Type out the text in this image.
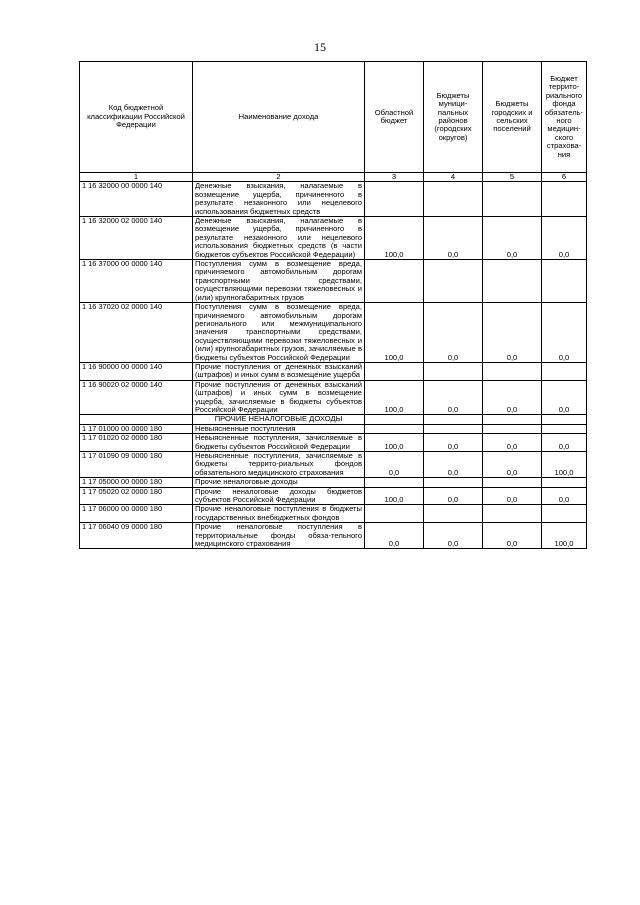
15
Код бюджетной классификации Российской Федерации	Наименование дохода	Областной бюджет	Бюджеты муници-пальных районов (городских округов)	Бюджеты городских и сельских поселений	Бюджет террито-риального фонда обязатель-ного медицин-ского страхова-ния
1	2	3	4	5	6
1 16 32000 00 0000 140	Денежные взыскания, налагаемые в возмещение ущерба, причиненного в результате незаконного или нецелевого использования бюджетных средств				
1 16 32000 02 0000 140	Денежные взыскания, налагаемые в возмещение ущерба, причиненного в результате незаконного или нецелевого использования бюджетных средств (в части бюджетов субъектов Российской Федерации)	100,0	0,0	0,0	0,0
1 16 37000 00 0000 140	Поступления сумм в возмещение вреда, причиняемого автомобильным дорогам транспортными средствами, осуществляющими перевозки тяжеловесных и (или) крупногабаритных грузов				
1 16 37020 02 0000 140	Поступления сумм в возмещение вреда, причиняемого автомобильным дорогам регионального или межмуниципального значения транспортными средствами, осуществляющими перевозки тяжеловесных и (или) крупногабаритных грузов, зачисляемые в бюджеты субъектов Российской Федерации	100,0	0,0	0,0	0,0
1 16 90000 00 0000 140	Прочие поступления от денежных взысканий (штрафов) и иных сумм в возмещение ущерба				
1 16 90020 02 0000 140	Прочие поступления от денежных взысканий (штрафов) и иных сумм в возмещение ущерба, зачисляемые в бюджеты субъектов Российской Федерации	100,0	0,0	0,0	0,0
	ПРОЧИЕ НЕНАЛОГОВЫЕ ДОХОДЫ				
1 17 01000 00 0000 180	Невыясненные поступления				
1 17 01020 02 0000 180	Невыясненные поступления, зачисляемые в бюджеты субъектов Российской Федерации	100,0	0,0	0,0	0,0
1 17 01090 09 0000 180	Невыясненные поступления, зачисляемые в бюджеты террито-риальных фондов обязательного медицинского страхования	0,0	0,0	0,0	100,0
1 17 05000 00 0000 180	Прочие неналоговые доходы				
1 17 05020 02 0000 180	Прочие неналоговые доходы бюджетов субъектов Российской Федерации	100,0	0,0	0,0	0,0
1 17 06000 00 0000 180	Прочие неналоговые поступления в бюджеты государственных внебюджетных фондов				
1 17 06040 09 0000 180	Прочие неналоговые поступления в территориальные фонды обяза-тельного медицинского страхования	0,0	0,0	0,0	100,0
